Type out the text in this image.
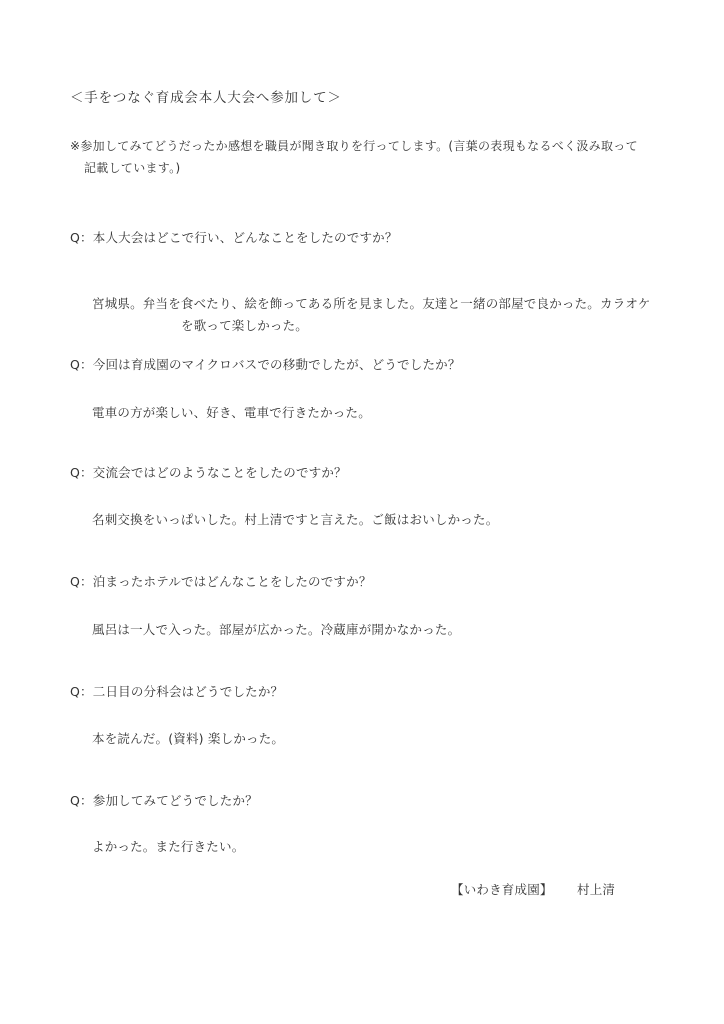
＜手をつなぐ育成会本人大会へ参加して＞
※参加してみてどうだったか感想を職員が聞き取りを行ってします。(言葉の表現もなるべく汲み取って
記載しています。)
Q：本人大会はどこで行い、どんなことをしたのですか？
宮城県。弁当を食べたり、絵を飾ってある所を見ました。友達と一緒の部屋で良かった。カラオケ
を歌って楽しかった。
Q：今回は育成園のマイクロバスでの移動でしたが、どうでしたか？
電車の方が楽しい、好き、電車で行きたかった。
Q：交流会ではどのようなことをしたのですか？
名刺交換をいっぱいした。村上清ですと言えた。ご飯はおいしかった。
Q：泊まったホテルではどんなことをしたのですか？
風呂は一人で入った。部屋が広かった。冷蔵庫が開かなかった。
Q：二日目の分科会はどうでしたか？
本を読んだ。(資料) 楽しかった。
Q：参加してみてどうでしたか？
よかった。また行きたい。
【いわき育成園】 村上清
